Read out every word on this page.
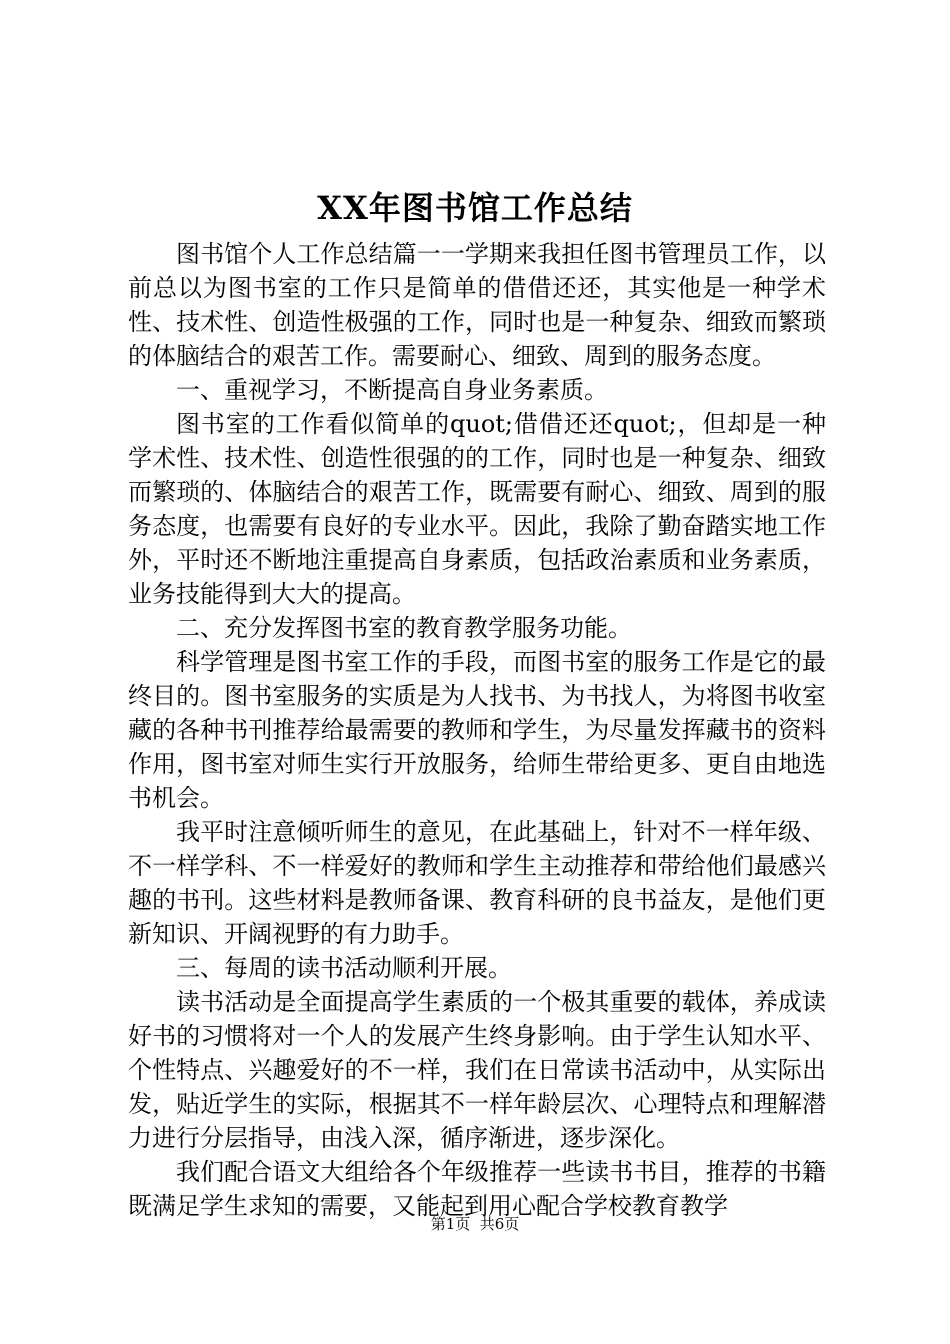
XX年图书馆工作总结

图书馆个人工作总结篇一一学期来我担任图书管理员工作，以前总以为图书室的工作只是简单的借借还还，其实他是一种学术性、技术性、创造性极强的工作，同时也是一种复杂、细致而繁琐的体脑结合的艰苦工作。需要耐心、细致、周到的服务态度。

一、重视学习，不断提高自身业务素质。

图书室的工作看似简单的quot;借借还还quot;，但却是一种学术性、技术性、创造性很强的的工作，同时也是一种复杂、细致而繁琐的、体脑结合的艰苦工作，既需要有耐心、细致、周到的服务态度，也需要有良好的专业水平。因此，我除了勤奋踏实地工作外，平时还不断地注重提高自身素质，包括政治素质和业务素质，业务技能得到大大的提高。

二、充分发挥图书室的教育教学服务功能。

科学管理是图书室工作的手段，而图书室的服务工作是它的最终目的。图书室服务的实质是为人找书、为书找人，为将图书收室藏的各种书刊推荐给最需要的教师和学生，为尽量发挥藏书的资料作用，图书室对师生实行开放服务，给师生带给更多、更自由地选书机会。

我平时注意倾听师生的意见，在此基础上，针对不一样年级、不一样学科、不一样爱好的教师和学生主动推荐和带给他们最感兴趣的书刊。这些材料是教师备课、教育科研的良书益友，是他们更新知识、开阔视野的有力助手。

三、每周的读书活动顺利开展。

读书活动是全面提高学生素质的一个极其重要的载体，养成读好书的习惯将对一个人的发展产生终身影响。由于学生认知水平、个性特点、兴趣爱好的不一样，我们在日常读书活动中，从实际出发，贴近学生的实际，根据其不一样年龄层次、心理特点和理解潜力进行分层指导，由浅入深，循序渐进，逐步深化。

我们配合语文大组给各个年级推荐一些读书书目，推荐的书籍既满足学生求知的需要，又能起到用心配合学校教育教学

第1页  共6页
